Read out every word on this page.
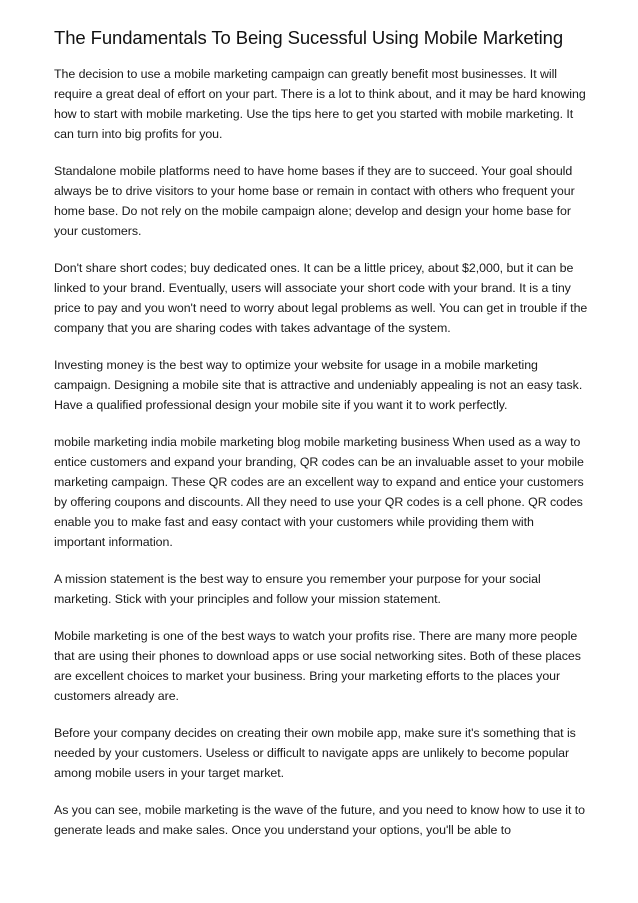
The Fundamentals To Being Sucessful Using Mobile Marketing

The decision to use a mobile marketing campaign can greatly benefit most businesses. It will require a great deal of effort on your part. There is a lot to think about, and it may be hard knowing how to start with mobile marketing. Use the tips here to get you started with mobile marketing. It can turn into big profits for you.

Standalone mobile platforms need to have home bases if they are to succeed. Your goal should always be to drive visitors to your home base or remain in contact with others who frequent your home base. Do not rely on the mobile campaign alone; develop and design your home base for your customers.

Don't share short codes; buy dedicated ones. It can be a little pricey, about $2,000, but it can be linked to your brand. Eventually, users will associate your short code with your brand. It is a tiny price to pay and you won't need to worry about legal problems as well. You can get in trouble if the company that you are sharing codes with takes advantage of the system.

Investing money is the best way to optimize your website for usage in a mobile marketing campaign. Designing a mobile site that is attractive and undeniably appealing is not an easy task. Have a qualified professional design your mobile site if you want it to work perfectly.

mobile marketing india mobile marketing blog mobile marketing business When used as a way to entice customers and expand your branding, QR codes can be an invaluable asset to your mobile marketing campaign. These QR codes are an excellent way to expand and entice your customers by offering coupons and discounts. All they need to use your QR codes is a cell phone. QR codes enable you to make fast and easy contact with your customers while providing them with important information.

A mission statement is the best way to ensure you remember your purpose for your social marketing. Stick with your principles and follow your mission statement.

Mobile marketing is one of the best ways to watch your profits rise. There are many more people that are using their phones to download apps or use social networking sites. Both of these places are excellent choices to market your business. Bring your marketing efforts to the places your customers already are.

Before your company decides on creating their own mobile app, make sure it's something that is needed by your customers. Useless or difficult to navigate apps are unlikely to become popular among mobile users in your target market.

As you can see, mobile marketing is the wave of the future, and you need to know how to use it to generate leads and make sales. Once you understand your options, you'll be able to
